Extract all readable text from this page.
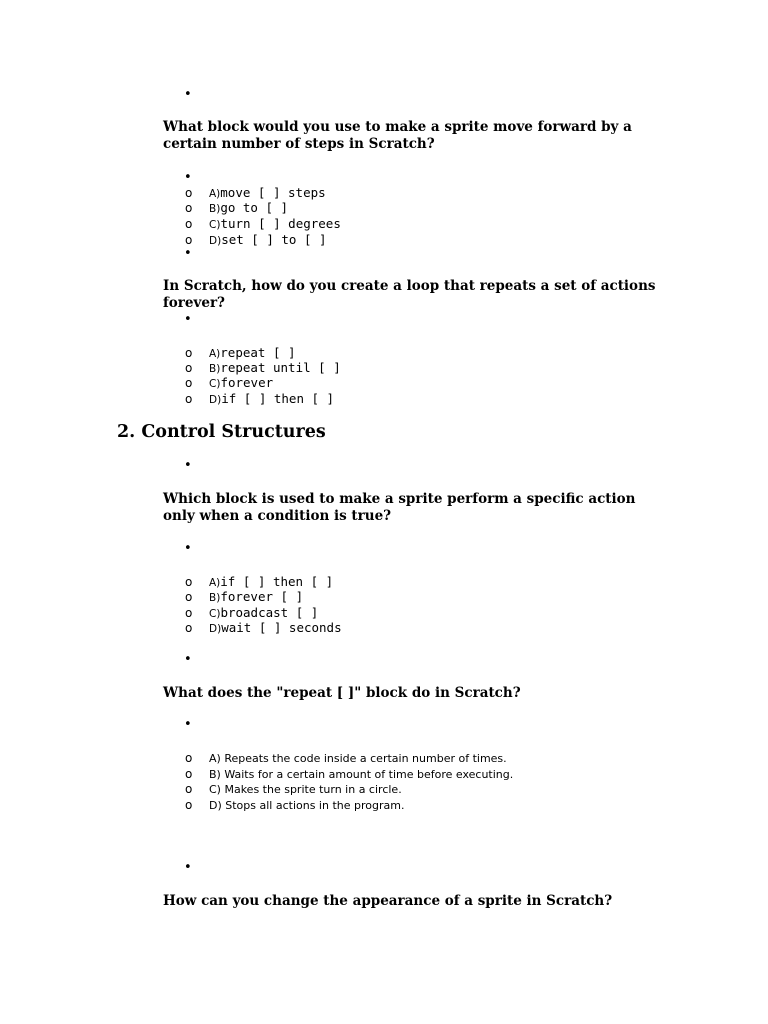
•
•
•
•
•
•
•
•
•
What block would you use to make a sprite move forward by a certain number of steps in Scratch?
o A)move [ ] steps
o B)go to [ ]
o C)turn [ ] degrees
o D)set [ ] to [ ]
In Scratch, how do you create a loop that repeats a set of actions forever?
o A)repeat [ ]
o B)repeat until [ ]
o C)forever
o D)if [ ] then [ ]
2. Control Structures
Which block is used to make a sprite perform a specific action only when a condition is true?
o A)if [ ] then [ ]
o B)forever [ ]
o C)broadcast [ ]
o D)wait [ ] seconds
What does the "repeat [ ]" block do in Scratch?
o A) Repeats the code inside a certain number of times.
o B) Waits for a certain amount of time before executing.
o C) Makes the sprite turn in a circle.
o D) Stops all actions in the program.
How can you change the appearance of a sprite in Scratch?
